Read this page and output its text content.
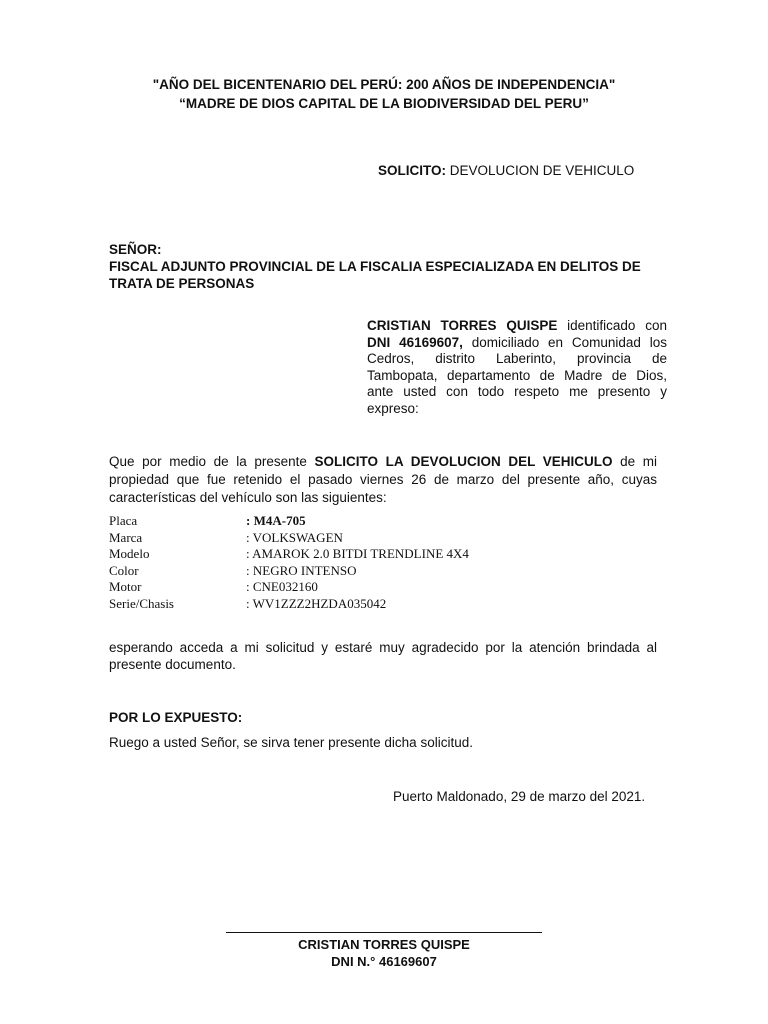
"AÑO DEL BICENTENARIO DEL PERÚ: 200 AÑOS DE INDEPENDENCIA"
“MADRE DE DIOS CAPITAL DE LA BIODIVERSIDAD DEL PERU”
SOLICITO: DEVOLUCION DE VEHICULO
SEÑOR:
FISCAL ADJUNTO PROVINCIAL DE LA FISCALIA ESPECIALIZADA EN DELITOS DE TRATA DE PERSONAS
CRISTIAN TORRES QUISPE identificado con DNI 46169607, domiciliado en Comunidad los Cedros, distrito Laberinto, provincia de Tambopata, departamento de Madre de Dios, ante usted con todo respeto me presento y expreso:
Que por medio de la presente SOLICITO LA DEVOLUCION DEL VEHICULO de mi propiedad que fue retenido el pasado viernes 26 de marzo del presente año, cuyas características del vehículo son las siguientes:
Placa	: M4A-705
Marca	: VOLKSWAGEN
Modelo	: AMAROK 2.0 BITDI TRENDLINE 4X4
Color	: NEGRO INTENSO
Motor	: CNE032160
Serie/Chasis	: WV1ZZZ2HZDA035042
esperando acceda a mi solicitud y estaré muy agradecido por la atención brindada al presente documento.
POR LO EXPUESTO:
Ruego a usted Señor, se sirva tener presente dicha solicitud.
Puerto Maldonado, 29 de marzo del 2021.
CRISTIAN TORRES QUISPE
DNI N.° 46169607
